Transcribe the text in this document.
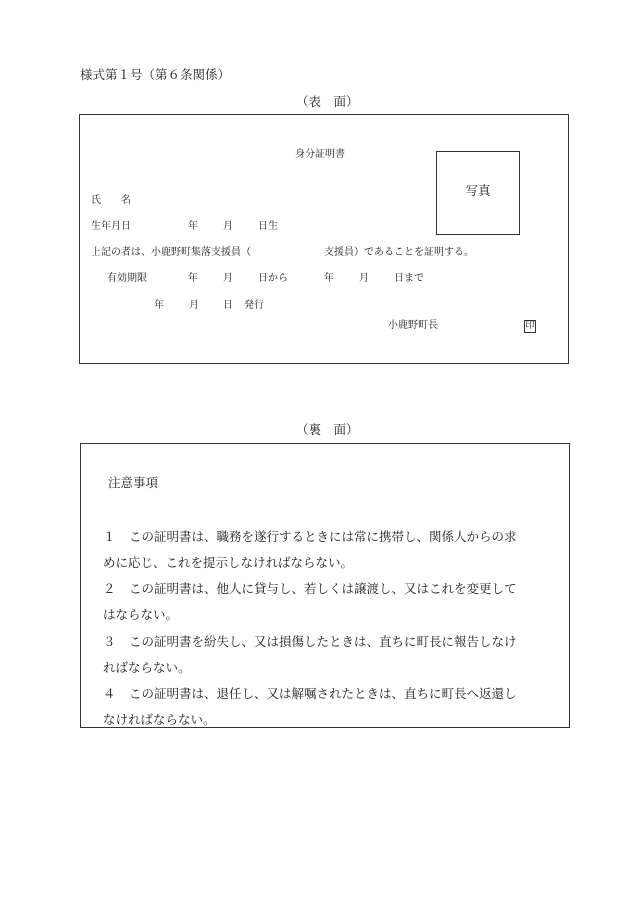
様式第１号（第６条関係）
（表　面）
身分証明書
写真
氏　　名
生年月日	年	月	日生
上記の者は、小鹿野町集落支援員（	支援員）であることを証明する。
有効期限	年	月	日から	年	月	日まで
年	月 日 発行
小鹿野町長	印
（裏　面）
注意事項
１ この証明書は、職務を遂行するときには常に携帯し、関係人からの求
めに応じ、これを提示しなければならない。
２ この証明書は、他人に貸与し、若しくは譲渡し、又はこれを変更して
はならない。
３ この証明書を紛失し、又は損傷したときは、直ちに町長に報告しなけ
ればならない。
４ この証明書は、退任し、又は解嘱されたときは、直ちに町長へ返還し
なければならない。
